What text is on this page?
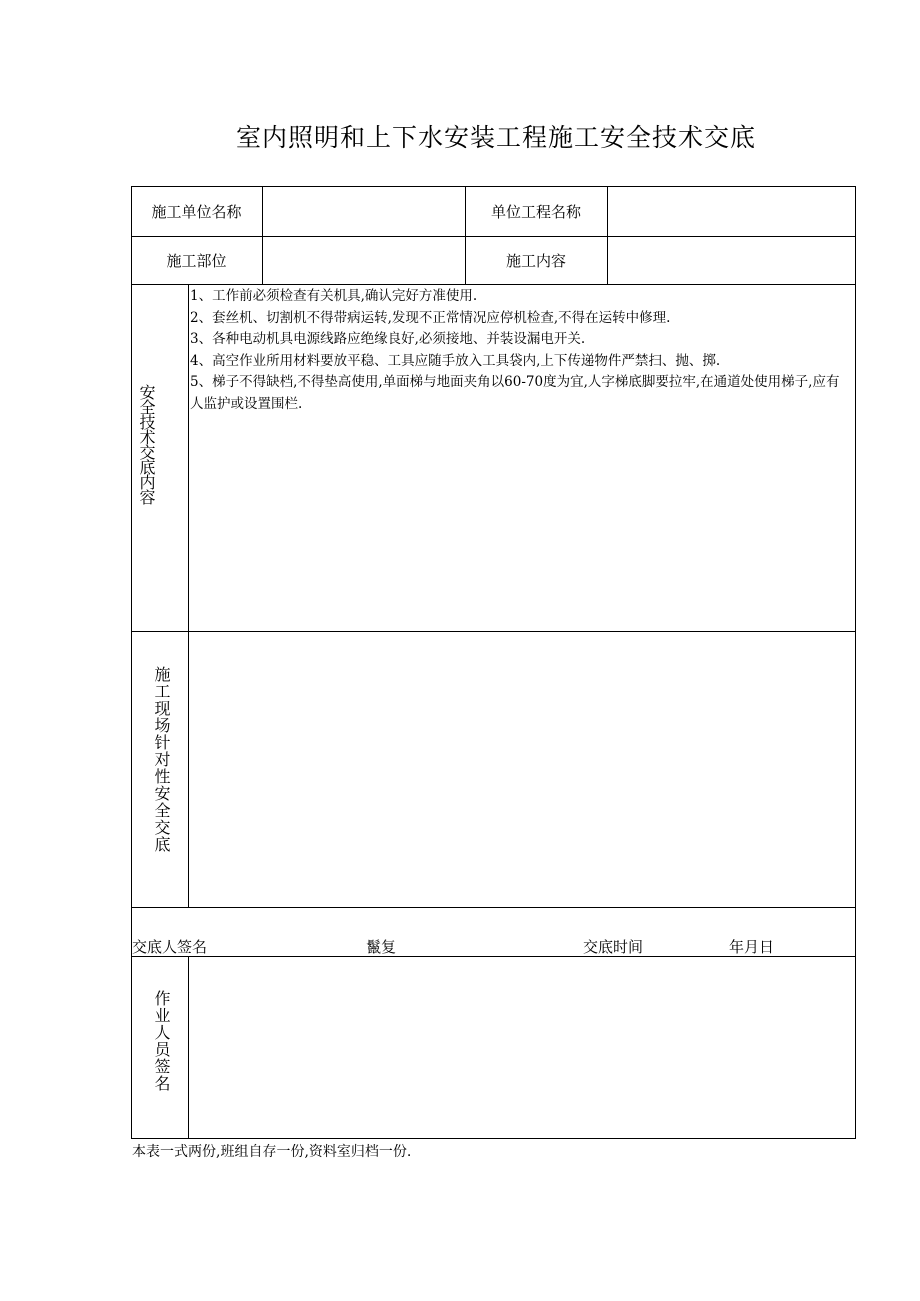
室内照明和上下水安装工程施工安全技术交底
施工单位名称	单位工程名称
施工部位	施工内容
安全技术交底内容

1、工作前必须检查有关机具,确认完好方准使用.

2、套丝机、切割机不得带病运转,发现不正常情况应停机检查,不得在运转中修理.

3、各种电动机具电源线路应绝缘良好,必须接地、并装设漏电开关.

4、高空作业所用材料要放平稳、工具应随手放入工具袋内,上下传递物件严禁扫、抛、掷.

5、梯子不得缺档,不得垫高使用,单面梯与地面夹角以60-70度为宜,人字梯底脚要拉牢,在通道处使用梯子,应有人监护或设置围栏.

施工现场针对性安全交底
交底人签名	鬣复	交底时间	年月日
作业人员签名
本表一式两份,班组自存一份,资料室归档一份.
